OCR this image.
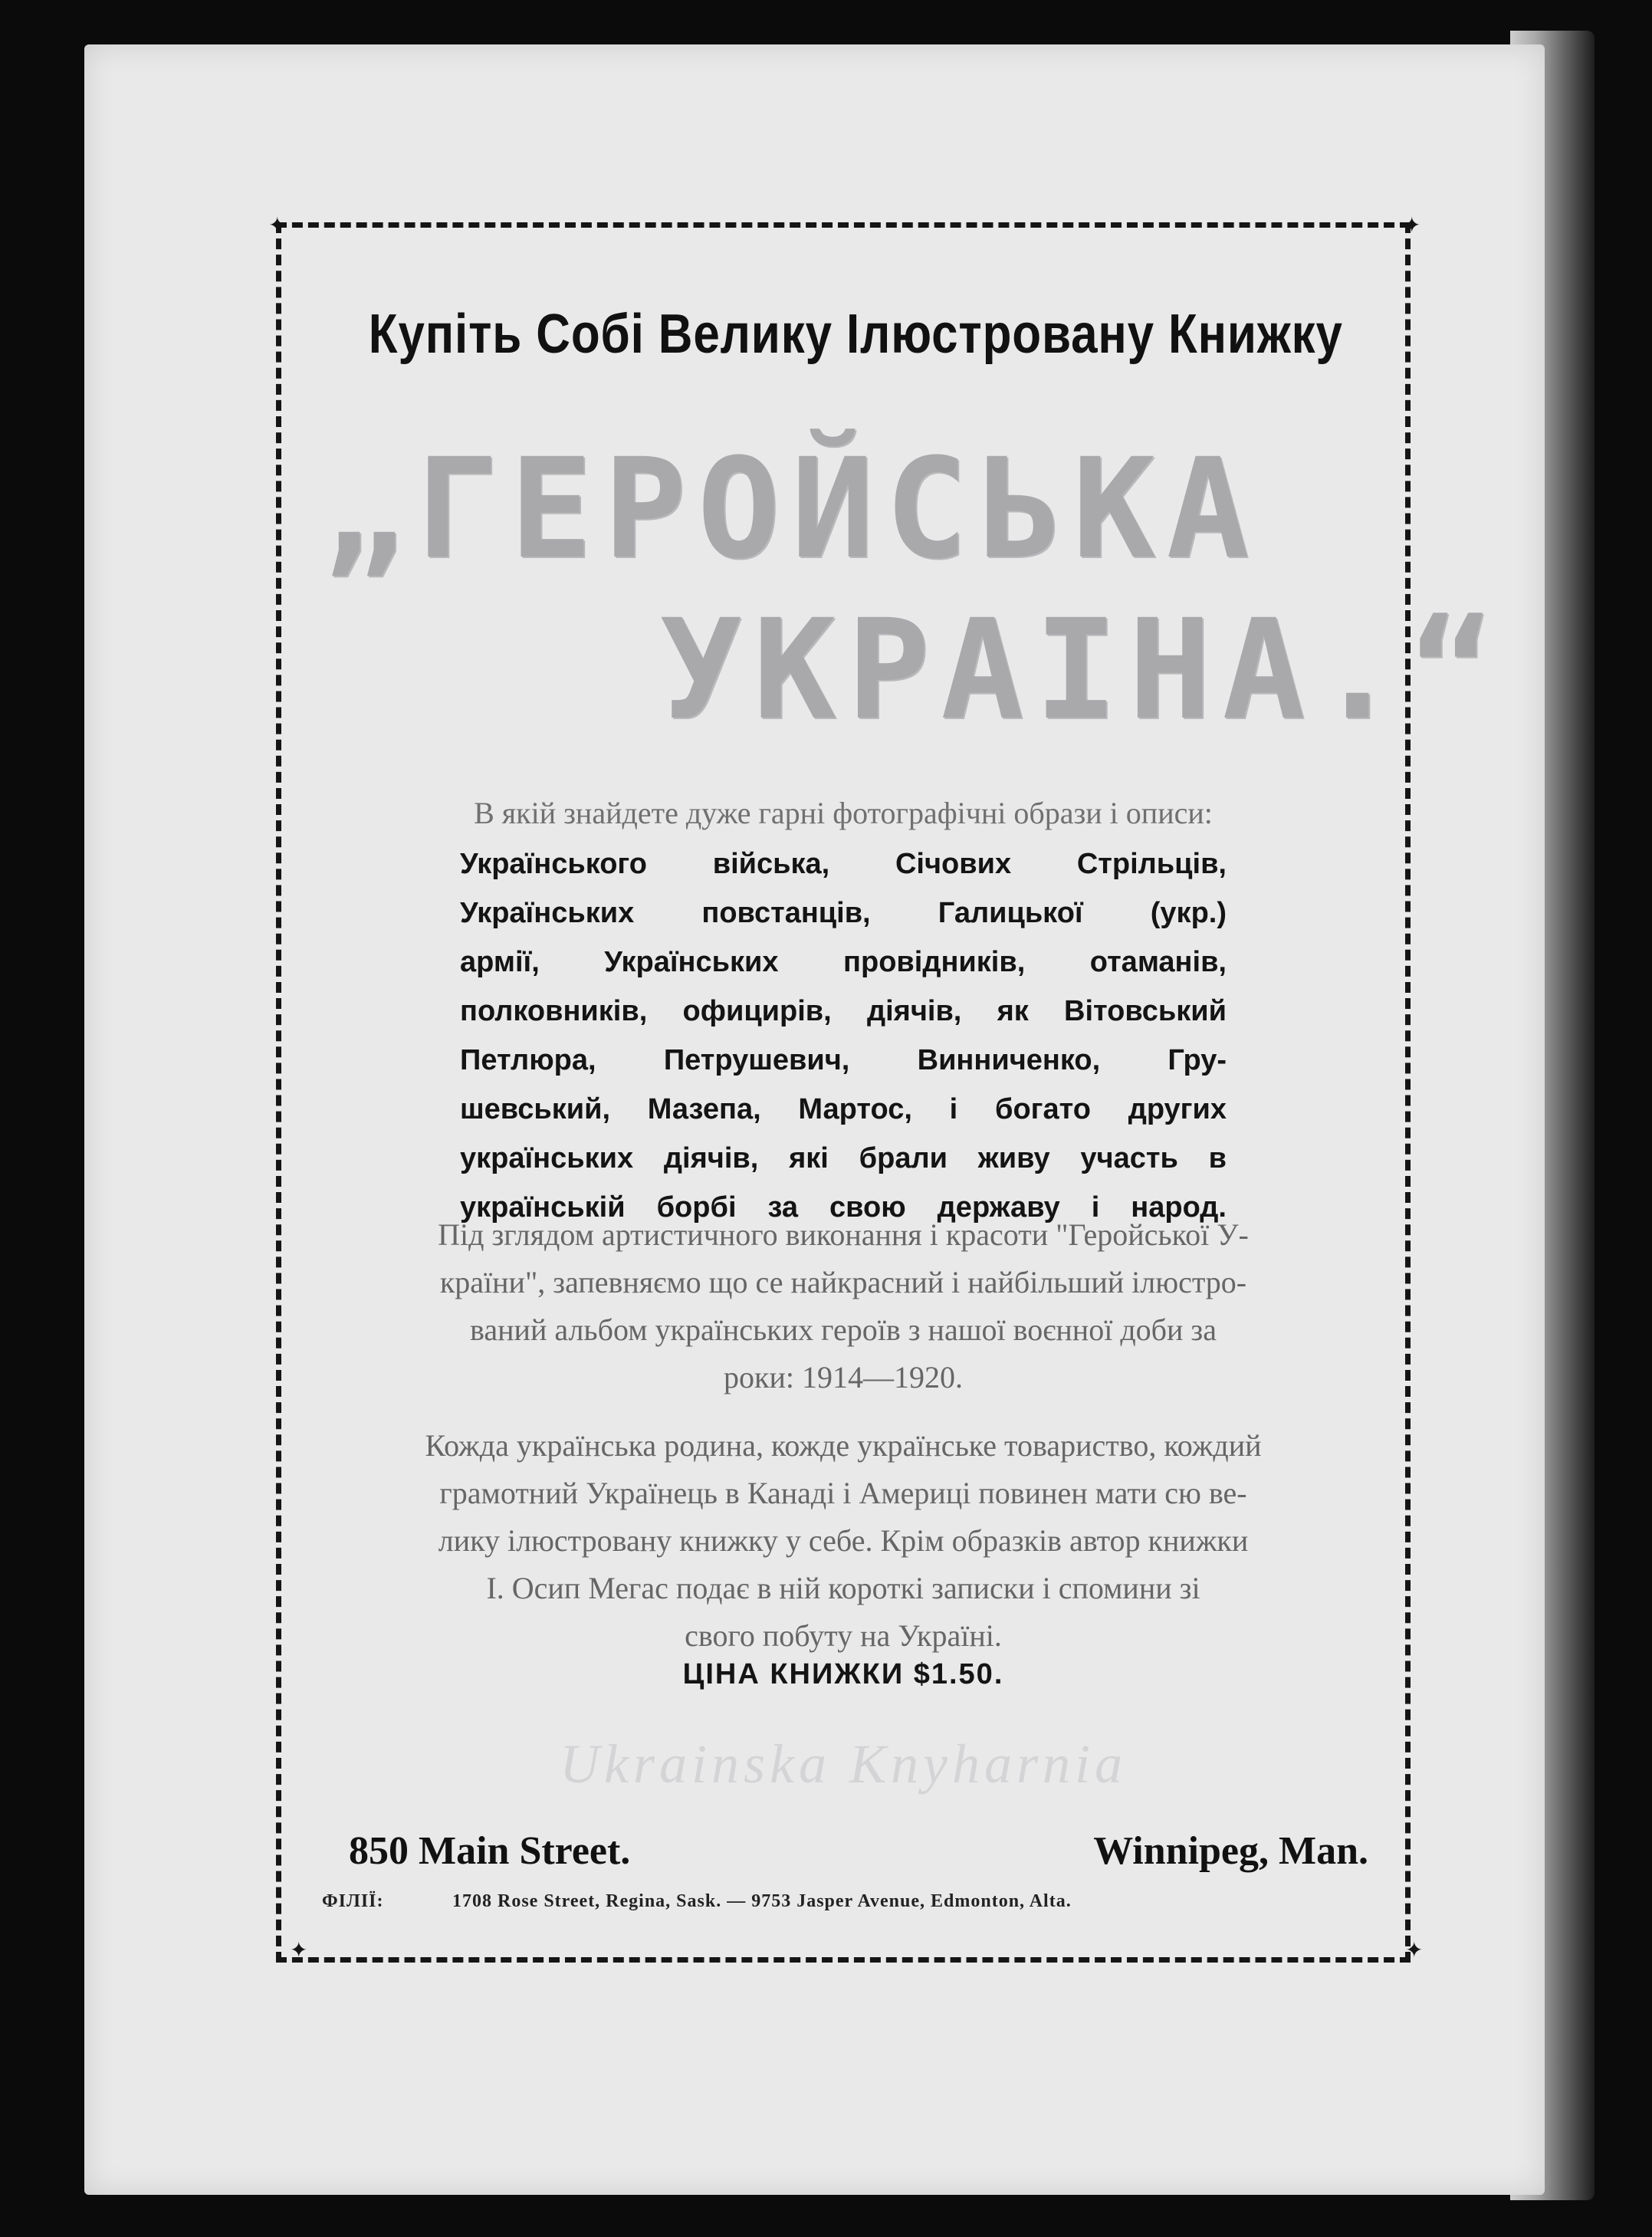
✦	✦
✦	✦
Купіть Собі Велику Ілюстровану Книжку
„ГЕРОЙСЬКА
УКРАІНА.“
В якій знайдете дуже гарні фотографічні образи і описи:
Українського війська, Січових Стрільців,
Українських повстанців, Галицької (укр.)
армії, Українських провідників, отаманів,
полковників, официрів, діячів, як Вітовський
Петлюра, Петрушевич, Винниченко, Гру-
шевський, Мазепа, Мартос, і богато других
українських діячів, які брали живу участь в
українській борбі за свою державу і народ.
Під зглядом артистичного виконання і красоти "Геройської У-
країни", запевняємо що се найкрасний і найбільший ілюстро-
ваний альбом українських героїв з нашої воєнної доби за
роки: 1914—1920.
Кожда українська родина, кожде українське товариство, кождий
грамотний Українець в Канаді і Америці повинен мати сю ве-
лику ілюстровану книжку у себе. Крім образків автор книжки
І. Осип Мегас подає в ній короткі записки і спомини зі
свого побуту на Україні.
ЦІНА КНИЖКИ $1.50.
Ukrainska Knyharnia
850 Main Street.	Winnipeg, Man.
ФІЛІЇ:	1708 Rose Street, Regina, Sask. — 9753 Jasper Avenue, Edmonton, Alta.
